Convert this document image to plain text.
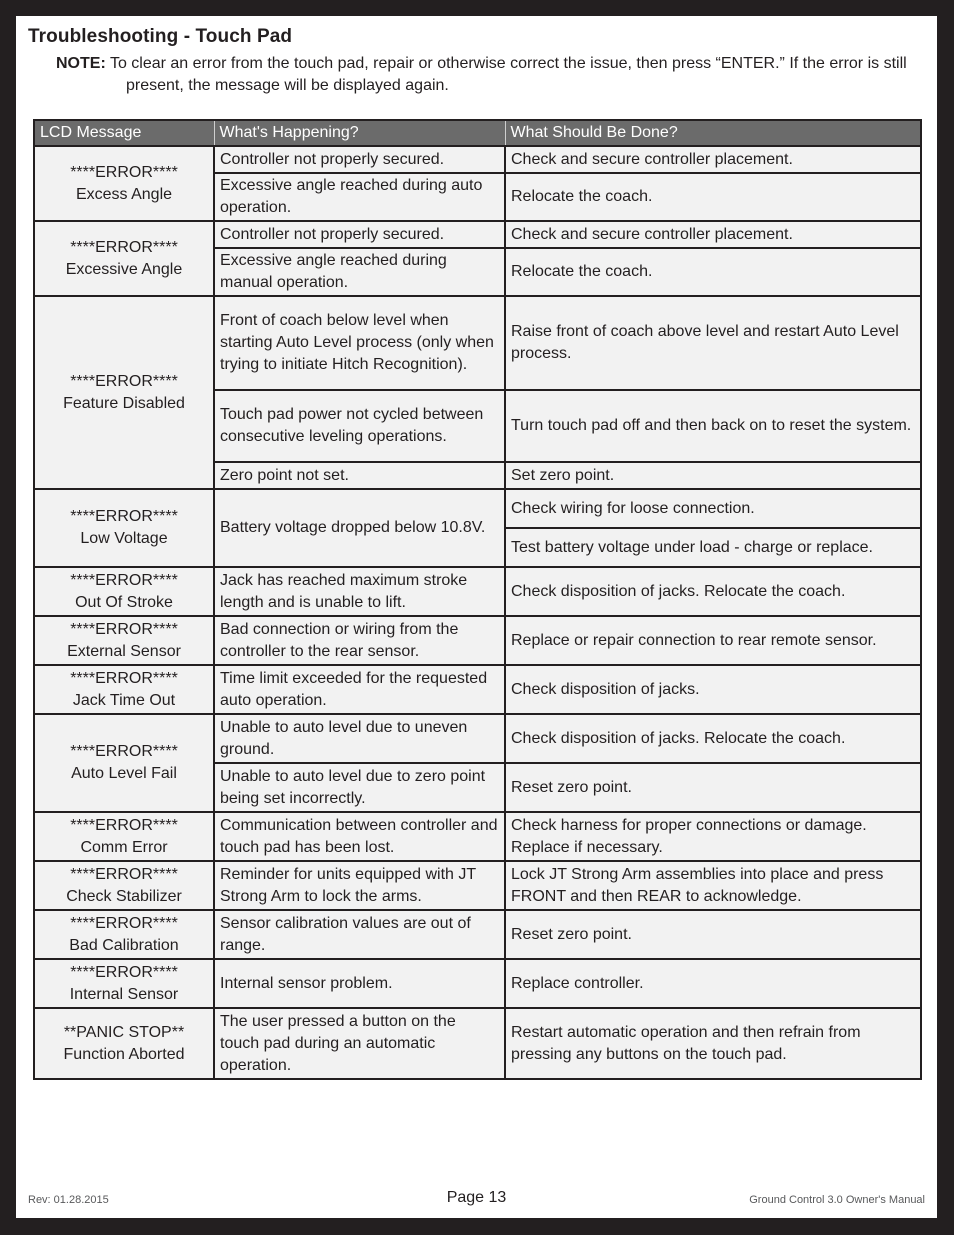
Troubleshooting - Touch Pad

NOTE: To clear an error from the touch pad, repair or otherwise correct the issue, then press “ENTER.” If the error is still present, the message will be displayed again.

LCD Message	What's Happening?	What Should Be Done?

****ERROR****
Excess Angle	Controller not properly secured.	Check and secure controller placement.
	Excessive angle reached during auto operation.	Relocate the coach.

****ERROR****
Excessive Angle	Controller not properly secured.	Check and secure controller placement.
	Excessive angle reached during manual operation.	Relocate the coach.

****ERROR****
Feature Disabled	Front of coach below level when starting Auto Level process (only when trying to initiate Hitch Recognition).	Raise front of coach above level and restart Auto Level process.
	Touch pad power not cycled between consecutive leveling operations.	Turn touch pad off and then back on to reset the system.
	Zero point not set.	Set zero point.

****ERROR****
Low Voltage	Battery voltage dropped below 10.8V.	Check wiring for loose connection.
		Test battery voltage under load - charge or replace.

****ERROR****
Out Of Stroke	Jack has reached maximum stroke length and is unable to lift.	Check disposition of jacks. Relocate the coach.

****ERROR****
External Sensor	Bad connection or wiring from the controller to the rear sensor.	Replace or repair connection to rear remote sensor.

****ERROR****
Jack Time Out	Time limit exceeded for the requested auto operation.	Check disposition of jacks.

****ERROR****
Auto Level Fail	Unable to auto level due to uneven ground.	Check disposition of jacks. Relocate the coach.
	Unable to auto level due to zero point being set incorrectly.	Reset zero point.

****ERROR****
Comm Error	Communication between controller and touch pad has been lost.	Check harness for proper connections or damage. Replace if necessary.

****ERROR****
Check Stabilizer	Reminder for units equipped with JT Strong Arm to lock the arms.	Lock JT Strong Arm assemblies into place and press FRONT and then REAR to acknowledge.

****ERROR****
Bad Calibration	Sensor calibration values are out of range.	Reset zero point.

****ERROR****
Internal Sensor	Internal sensor problem.	Replace controller.

**PANIC STOP**
Function Aborted	The user pressed a button on the touch pad during an automatic operation.	Restart automatic operation and then refrain from pressing any buttons on the touch pad.
Rev: 01.28.2015	Page 13	Ground Control 3.0 Owner's Manual
